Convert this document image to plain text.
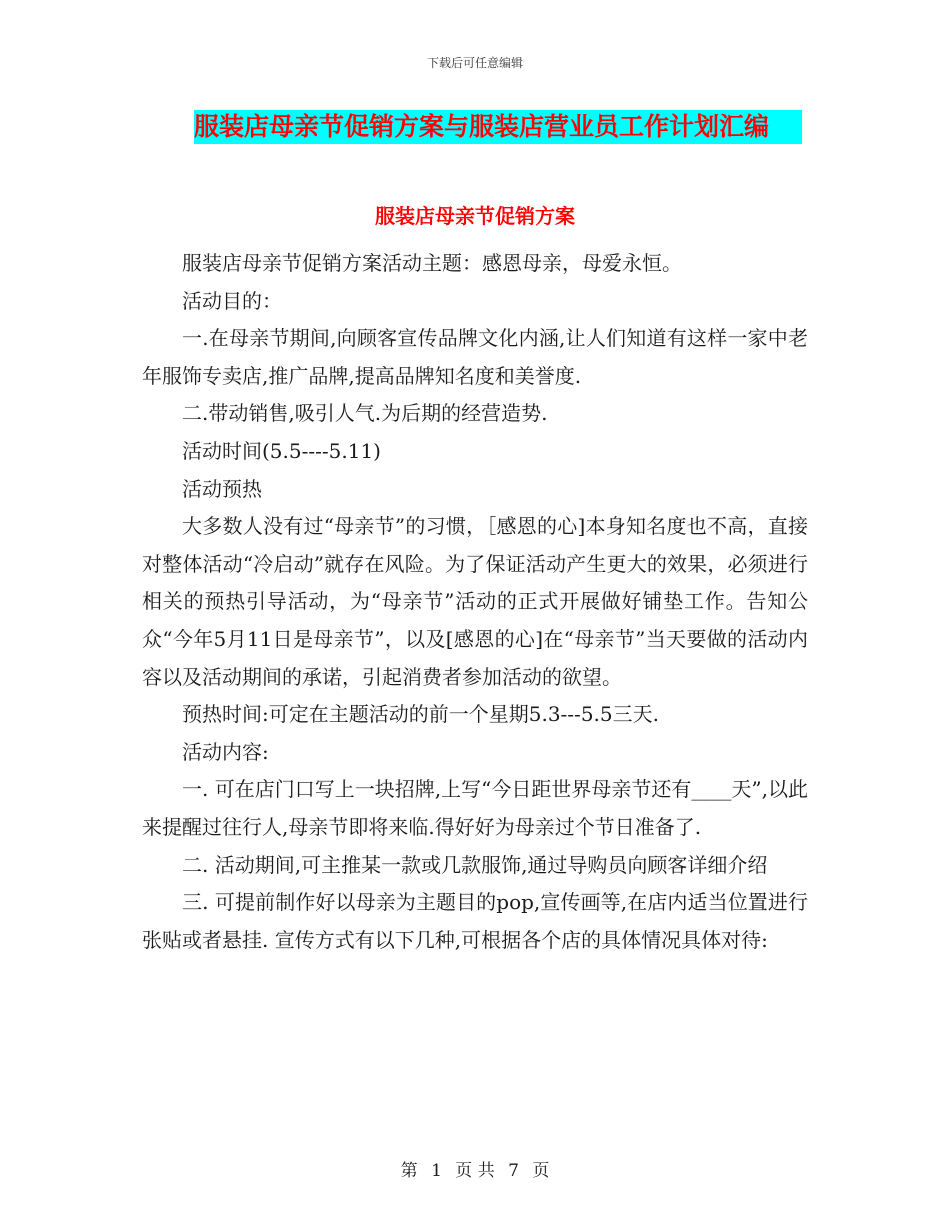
下载后可任意编辑
服装店母亲节促销方案与服装店营业员工作计划汇编
服装店母亲节促销方案

服装店母亲节促销方案活动主题：感恩母亲，母爱永恒。

活动目的：

一.在母亲节期间,向顾客宣传品牌文化内涵,让人们知道有这样一家中老年服饰专卖店,推广品牌,提高品牌知名度和美誉度.

二.带动销售,吸引人气.为后期的经营造势.

活动时间(5.5----5.11)

活动预热

大多数人没有过“母亲节”的习惯，［感恩的心]本身知名度也不高，直接对整体活动“冷启动”就存在风险。为了保证活动产生更大的效果，必须进行相关的预热引导活动，为“母亲节”活动的正式开展做好铺垫工作。告知公众“今年5月11日是母亲节”，以及[感恩的心]在“母亲节”当天要做的活动内容以及活动期间的承诺，引起消费者参加活动的欲望。

预热时间:可定在主题活动的前一个星期5.3---5.5三天.

活动内容:

一. 可在店门口写上一块招牌,上写“今日距世界母亲节还有____天”,以此来提醒过往行人,母亲节即将来临.得好好为母亲过个节日准备了.

二. 活动期间,可主推某一款或几款服饰,通过导购员向顾客详细介绍

三. 可提前制作好以母亲为主题目的pop,宣传画等,在店内适当位置进行张贴或者悬挂. 宣传方式有以下几种,可根据各个店的具体情况具体对待:

第 1 页 共 7 页
